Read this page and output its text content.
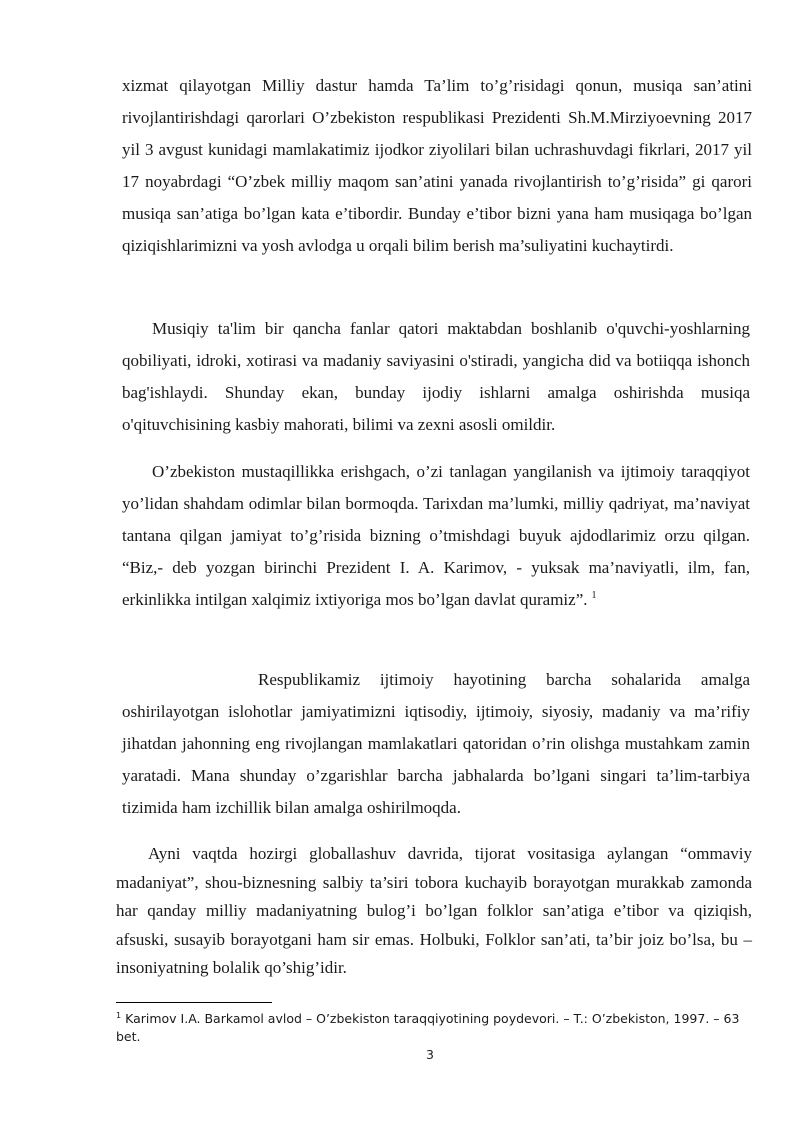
xizmat qilayotgan Milliy dastur hamda Ta’lim to’g’risidagi qonun, musiqa san’atini rivojlantirishdagi qarorlari O’zbekiston respublikasi Prezidenti Sh.M.Mirziyoevning 2017 yil 3 avgust kunidagi mamlakatimiz ijodkor ziyolilari bilan uchrashuvdagi fikrlari, 2017 yil 17 noyabrdagi “O’zbek milliy maqom san’atini yanada rivojlantirish to’g’risida” gi qarori musiqa san’atiga bo’lgan kata e’tibordir. Bunday e’tibor bizni yana ham musiqaga bo’lgan qiziqishlarimizni va yosh avlodga u orqali bilim berish ma’suliyatini kuchaytirdi.

Musiqiy ta'lim bir qancha fanlar qatori maktabdan boshlanib o'quvchi-yoshlarning qobiliyati, idroki, xotirasi va madaniy saviyasini o'stiradi, yangicha did va botiiqqa ishonch bag'ishlaydi. Shunday ekan, bunday ijodiy ishlarni amalga oshirishda musiqa o'qituvchisining kasbiy mahorati, bilimi va zexni asosli omildir.

O’zbekiston mustaqillikka erishgach, o’zi tanlagan yangilanish va ijtimoiy taraqqiyot yo’lidan shahdam odimlar bilan bormoqda. Tarixdan ma’lumki, milliy qadriyat, ma’naviyat tantana qilgan jamiyat to’g’risida bizning o’tmishdagi buyuk ajdodlarimiz orzu qilgan. “Biz,- deb yozgan birinchi Prezident I. A. Karimov, - yuksak ma’naviyatli, ilm, fan, erkinlikka intilgan xalqimiz ixtiyoriga mos bo’lgan davlat quramiz”. $^1$

Respublikamiz ijtimoiy hayotining barcha sohalarida amalga oshirilayotgan islohotlar jamiyatimizni iqtisodiy, ijtimoiy, siyosiy, madaniy va ma’rifiy jihatdan jahonning eng rivojlangan mamlakatlari qatoridan o’rin olishga mustahkam zamin yaratadi. Mana shunday o’zgarishlar barcha jabhalarda bo’lgani singari ta’lim-tarbiya tizimida ham izchillik bilan amalga oshirilmoqda.

Ayni vaqtda hozirgi globallashuv davrida, tijorat vositasiga aylangan “ommaviy madaniyat”, shou-biznesning salbiy ta’siri tobora kuchayib borayotgan murakkab zamonda har qanday milliy madaniyatning bulog’i bo’lgan folklor san’atiga e’tibor va qiziqish, afsuski, susayib borayotgani ham sir emas. Holbuki, Folklor san’ati, ta’bir joiz bo’lsa, bu – insoniyatning bolalik qo’shig’idir.

$^1$ Karimov I.A. Barkamol avlod – O’zbekiston taraqqiyotining poydevori. – T.: O’zbekiston, 1997. – 63 bet.
3
